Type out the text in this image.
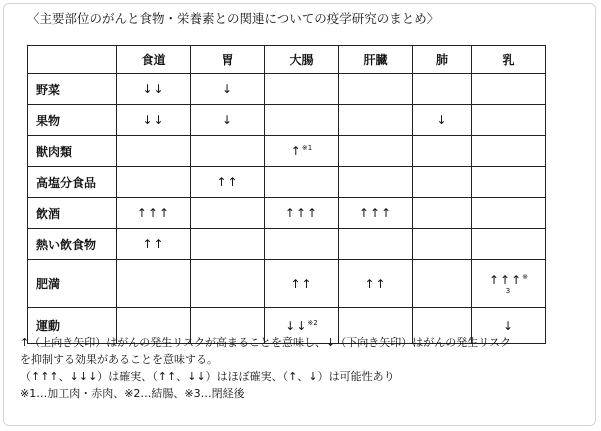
〈主要部位のがんと食物・栄養素との関連についての疫学研究のまとめ〉
	食道	胃	大腸	肝臓	肺	乳
野菜	↓↓	↓				
果物	↓↓	↓			↓	
獣肉類			↑$^{※1}$			
高塩分食品		↑↑				
飲酒	↑↑↑		↑↑↑	↑↑↑		
熱い飲食物	↑↑					
肥満			↑↑	↑↑		↑↑↑※
3

運動			↓↓$^{※2}$			↓
↑（上向き矢印）はがんの発生リスクが高まることを意味し、↓（下向き矢印）はがんの発生リスク
を抑制する効果があることを意味する。
（↑↑↑、↓↓↓）は確実、（↑↑、↓↓）はほぼ確実、（↑、↓）は可能性あり
※1…加工肉・赤肉、※2…結腸、※3…閉経後
